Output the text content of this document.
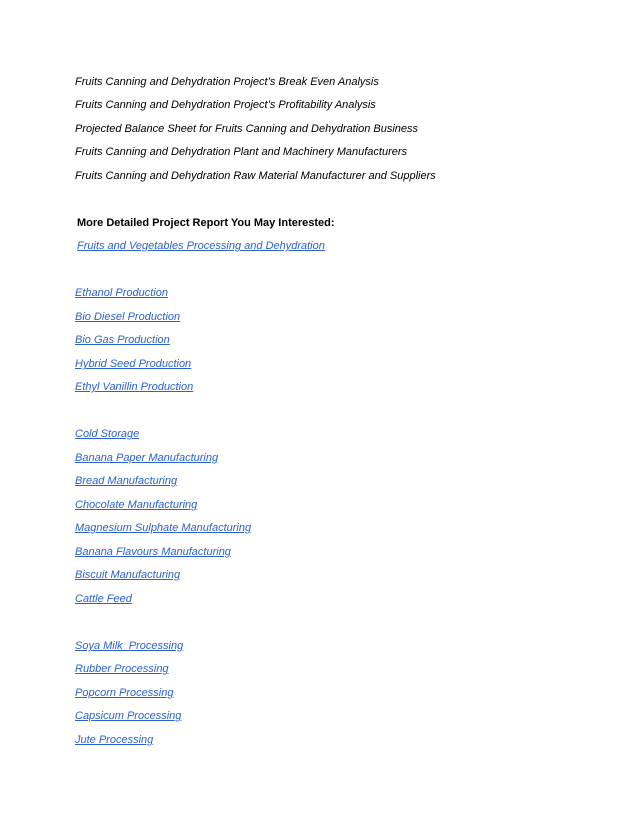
Fruits Canning and Dehydration Project’s Break Even Analysis
Fruits Canning and Dehydration Project’s Profitability Analysis
Projected Balance Sheet for Fruits Canning and Dehydration Business
Fruits Canning and Dehydration Plant and Machinery Manufacturers
Fruits Canning and Dehydration Raw Material Manufacturer and Suppliers
More Detailed Project Report You May Interested:
Fruits and Vegetables Processing and Dehydration
Ethanol Production
Bio Diesel Production
Bio Gas Production
Hybrid Seed Production
Ethyl Vanillin Production
Cold Storage
Banana Paper Manufacturing
Bread Manufacturing
Chocolate Manufacturing
Magnesium Sulphate Manufacturing
Banana Flavours Manufacturing
Biscuit Manufacturing
Cattle Feed
Soya Milk  Processing
Rubber Processing
Popcorn Processing
Capsicum Processing
Jute Processing
